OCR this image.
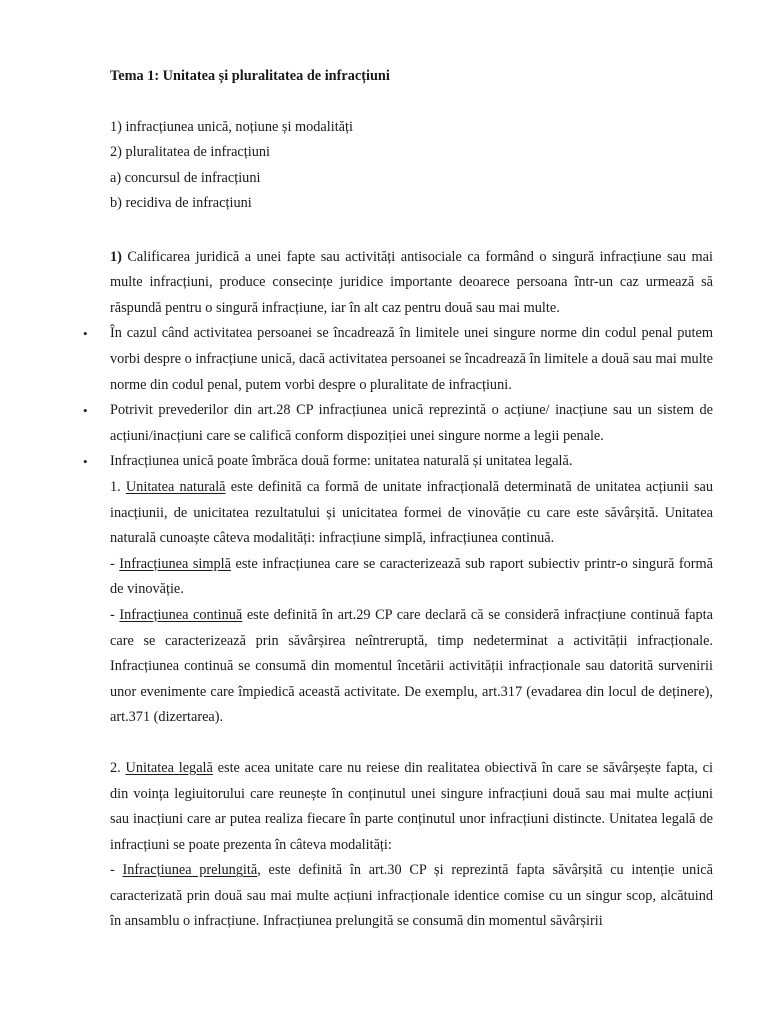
Tema 1: Unitatea și pluralitatea de infracțiuni

1) infracțiunea unică, noțiune și modalități
2) pluralitatea de infracțiuni
a) concursul de infracțiuni
b) recidiva de infracțiuni

1) Calificarea juridică a unei fapte sau activități antisociale ca formând o singură infracțiune sau mai multe infracțiuni, produce consecințe juridice importante deoarece persoana într-un caz urmează să răspundă pentru o singură infracțiune, iar în alt caz pentru două sau mai multe.

• În cazul când activitatea persoanei se încadrează în limitele unei singure norme din codul penal putem vorbi despre o infracțiune unică, dacă activitatea persoanei se încadrează în limitele a două sau mai multe norme din codul penal, putem vorbi despre o pluralitate de infracțiuni.
• Potrivit prevederilor din art.28 CP infracțiunea unică reprezintă o acțiune/ inacțiune sau un sistem de acțiuni/inacțiuni care se califică conform dispoziției unei singure norme a legii penale.
• Infracțiunea unică poate îmbrăca două forme: unitatea naturală și unitatea legală.

1. Unitatea naturală este definită ca formă de unitate infracțională determinată de unitatea acțiunii sau inacțiunii, de unicitatea rezultatului și unicitatea formei de vinovăție cu care este săvârșită. Unitatea naturală cunoaște câteva modalități: infracțiune simplă, infracțiunea continuă.

- Infracțiunea simplă este infracțiunea care se caracterizează sub raport subiectiv printr-o singură formă de vinovăție.

- Infracțiunea continuă este definită în art.29 CP care declară că se consideră infracțiune continuă fapta care se caracterizează prin săvârșirea neîntreruptă, timp nedeterminat a activității infracționale. Infracțiunea continuă se consumă din momentul încetării activității infracționale sau datorită survenirii unor evenimente care împiedică această activitate. De exemplu, art.317 (evadarea din locul de deținere), art.371 (dizertarea).

2. Unitatea legală este acea unitate care nu reiese din realitatea obiectivă în care se săvârșește fapta, ci din voința legiuitorului care reunește în conținutul unei singure infracțiuni două sau mai multe acțiuni sau inacțiuni care ar putea realiza fiecare în parte conținutul unor infracțiuni distincte. Unitatea legală de infracțiuni se poate prezenta în câteva modalități:

- Infracțiunea prelungită, este definită în art.30 CP și reprezintă fapta săvârșită cu intenție unică caracterizată prin două sau mai multe acțiuni infracționale identice comise cu un singur scop, alcătuind în ansamblu o infracțiune. Infracțiunea prelungită se consumă din momentul săvârșirii
